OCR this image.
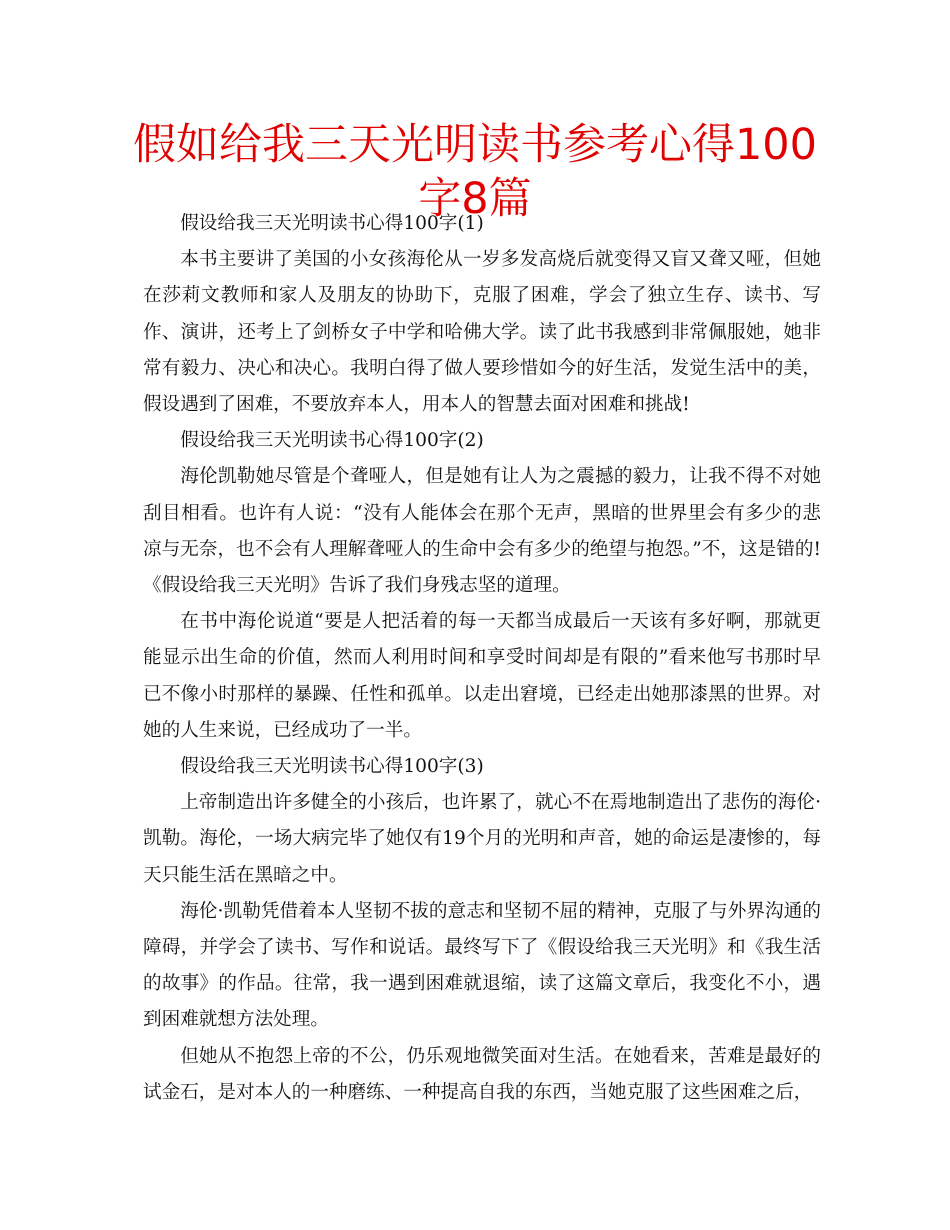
假如给我三天光明读书参考心得100字8篇

假设给我三天光明读书心得100字(1)

本书主要讲了美国的小女孩海伦从一岁多发高烧后就变得又盲又聋又哑，但她在莎莉文教师和家人及朋友的协助下，克服了困难，学会了独立生存、读书、写作、演讲，还考上了剑桥女子中学和哈佛大学。读了此书我感到非常佩服她，她非常有毅力、决心和决心。我明白得了做人要珍惜如今的好生活，发觉生活中的美，假设遇到了困难，不要放弃本人，用本人的智慧去面对困难和挑战!

假设给我三天光明读书心得100字(2)

海伦凯勒她尽管是个聋哑人，但是她有让人为之震撼的毅力，让我不得不对她刮目相看。也许有人说：“没有人能体会在那个无声，黑暗的世界里会有多少的悲凉与无奈，也不会有人理解聋哑人的生命中会有多少的绝望与抱怨。”不，这是错的!《假设给我三天光明》告诉了我们身残志坚的道理。

在书中海伦说道“要是人把活着的每一天都当成最后一天该有多好啊，那就更能显示出生命的价值，然而人利用时间和享受时间却是有限的”看来他写书那时早已不像小时那样的暴躁、任性和孤单。以走出窘境，已经走出她那漆黑的世界。对她的人生来说，已经成功了一半。

假设给我三天光明读书心得100字(3)

上帝制造出许多健全的小孩后，也许累了，就心不在焉地制造出了悲伤的海伦·凯勒。海伦，一场大病完毕了她仅有19个月的光明和声音，她的命运是凄惨的，每天只能生活在黑暗之中。

海伦·凯勒凭借着本人坚韧不拔的意志和坚韧不屈的精神，克服了与外界沟通的障碍，并学会了读书、写作和说话。最终写下了《假设给我三天光明》和《我生活的故事》的作品。往常，我一遇到困难就退缩，读了这篇文章后，我变化不小，遇到困难就想方法处理。

但她从不抱怨上帝的不公，仍乐观地微笑面对生活。在她看来，苦难是最好的试金石，是对本人的一种磨练、一种提高自我的东西，当她克服了这些困难之后，
